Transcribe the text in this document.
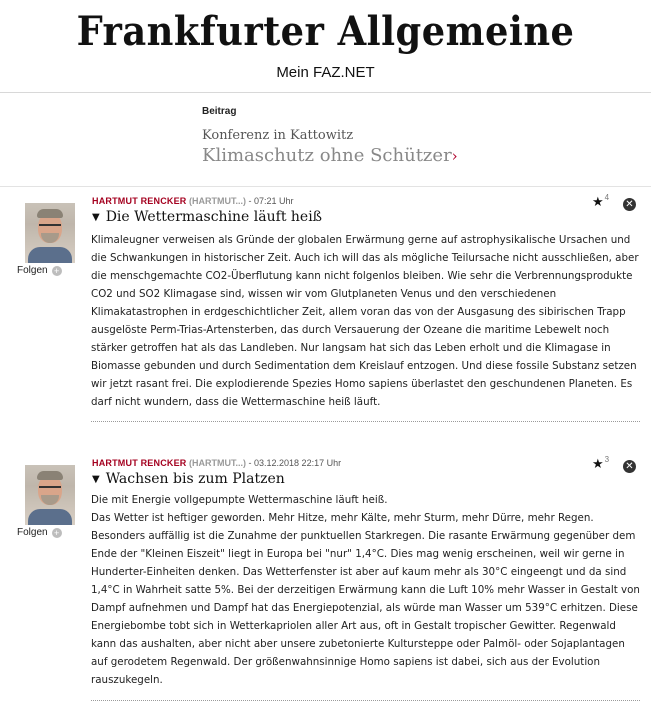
Frankfurter Allgemeine
Mein FAZ.NET
Beitrag
Konferenz in Kattowitz
Klimaschutz ohne Schützer›
Folgen +
HARTMUT RENCKER (HARTMUT...) - 07:21 Uhr
▼ Die Wettermaschine läuft heiß
★$^4$
✕

Klimaleugner verweisen als Gründe der globalen Erwärmung gerne auf astrophysikalische Ursachen und die Schwankungen in historischer Zeit. Auch ich will das als mögliche Teilursache nicht ausschließen, aber die menschgemachte CO2-Überflutung kann nicht folgenlos bleiben. Wie sehr die Verbrennungsprodukte CO2 und SO2 Klimagase sind, wissen wir vom Glutplaneten Venus und den verschiedenen Klimakatastrophen in erdgeschichtlicher Zeit, allem voran das von der Ausgasung des sibirischen Trapp ausgelöste Perm-Trias-Artensterben, das durch Versauerung der Ozeane die maritime Lebewelt noch stärker getroffen hat als das Landleben. Nur langsam hat sich das Leben erholt und die Klimagase in Biomasse gebunden und durch Sedimentation dem Kreislauf entzogen. Und diese fossile Substanz setzen wir jetzt rasant frei. Die explodierende Spezies Homo sapiens überlastet den geschundenen Planeten. Es darf nicht wundern, dass die Wettermaschine heiß läuft.

Folgen +
HARTMUT RENCKER (HARTMUT...) - 03.12.2018 22:17 Uhr
▼ Wachsen bis zum Platzen
★$^3$
✕

Die mit Energie vollgepumpte Wettermaschine läuft heiß.

Das Wetter ist heftiger geworden. Mehr Hitze, mehr Kälte, mehr Sturm, mehr Dürre, mehr Regen. Besonders auffällig ist die Zunahme der punktuellen Starkregen. Die rasante Erwärmung gegenüber dem Ende der "Kleinen Eiszeit" liegt in Europa bei "nur" 1,4°C. Dies mag wenig erscheinen, weil wir gerne in Hunderter-Einheiten denken. Das Wetterfenster ist aber auf kaum mehr als 30°C eingeengt und da sind 1,4°C in Wahrheit satte 5%. Bei der derzeitigen Erwärmung kann die Luft 10% mehr Wasser in Gestalt von Dampf aufnehmen und Dampf hat das Energiepotenzial, als würde man Wasser um 539°C erhitzen. Diese Energiebombe tobt sich in Wetterkapriolen aller Art aus, oft in Gestalt tropischer Gewitter. Regenwald kann das aushalten, aber nicht aber unsere zubetonierte Kultursteppe oder Palmöl- oder Sojaplantagen auf gerodetem Regenwald. Der größenwahnsinnige Homo sapiens ist dabei, sich aus der Evolution rauszukegeln.
